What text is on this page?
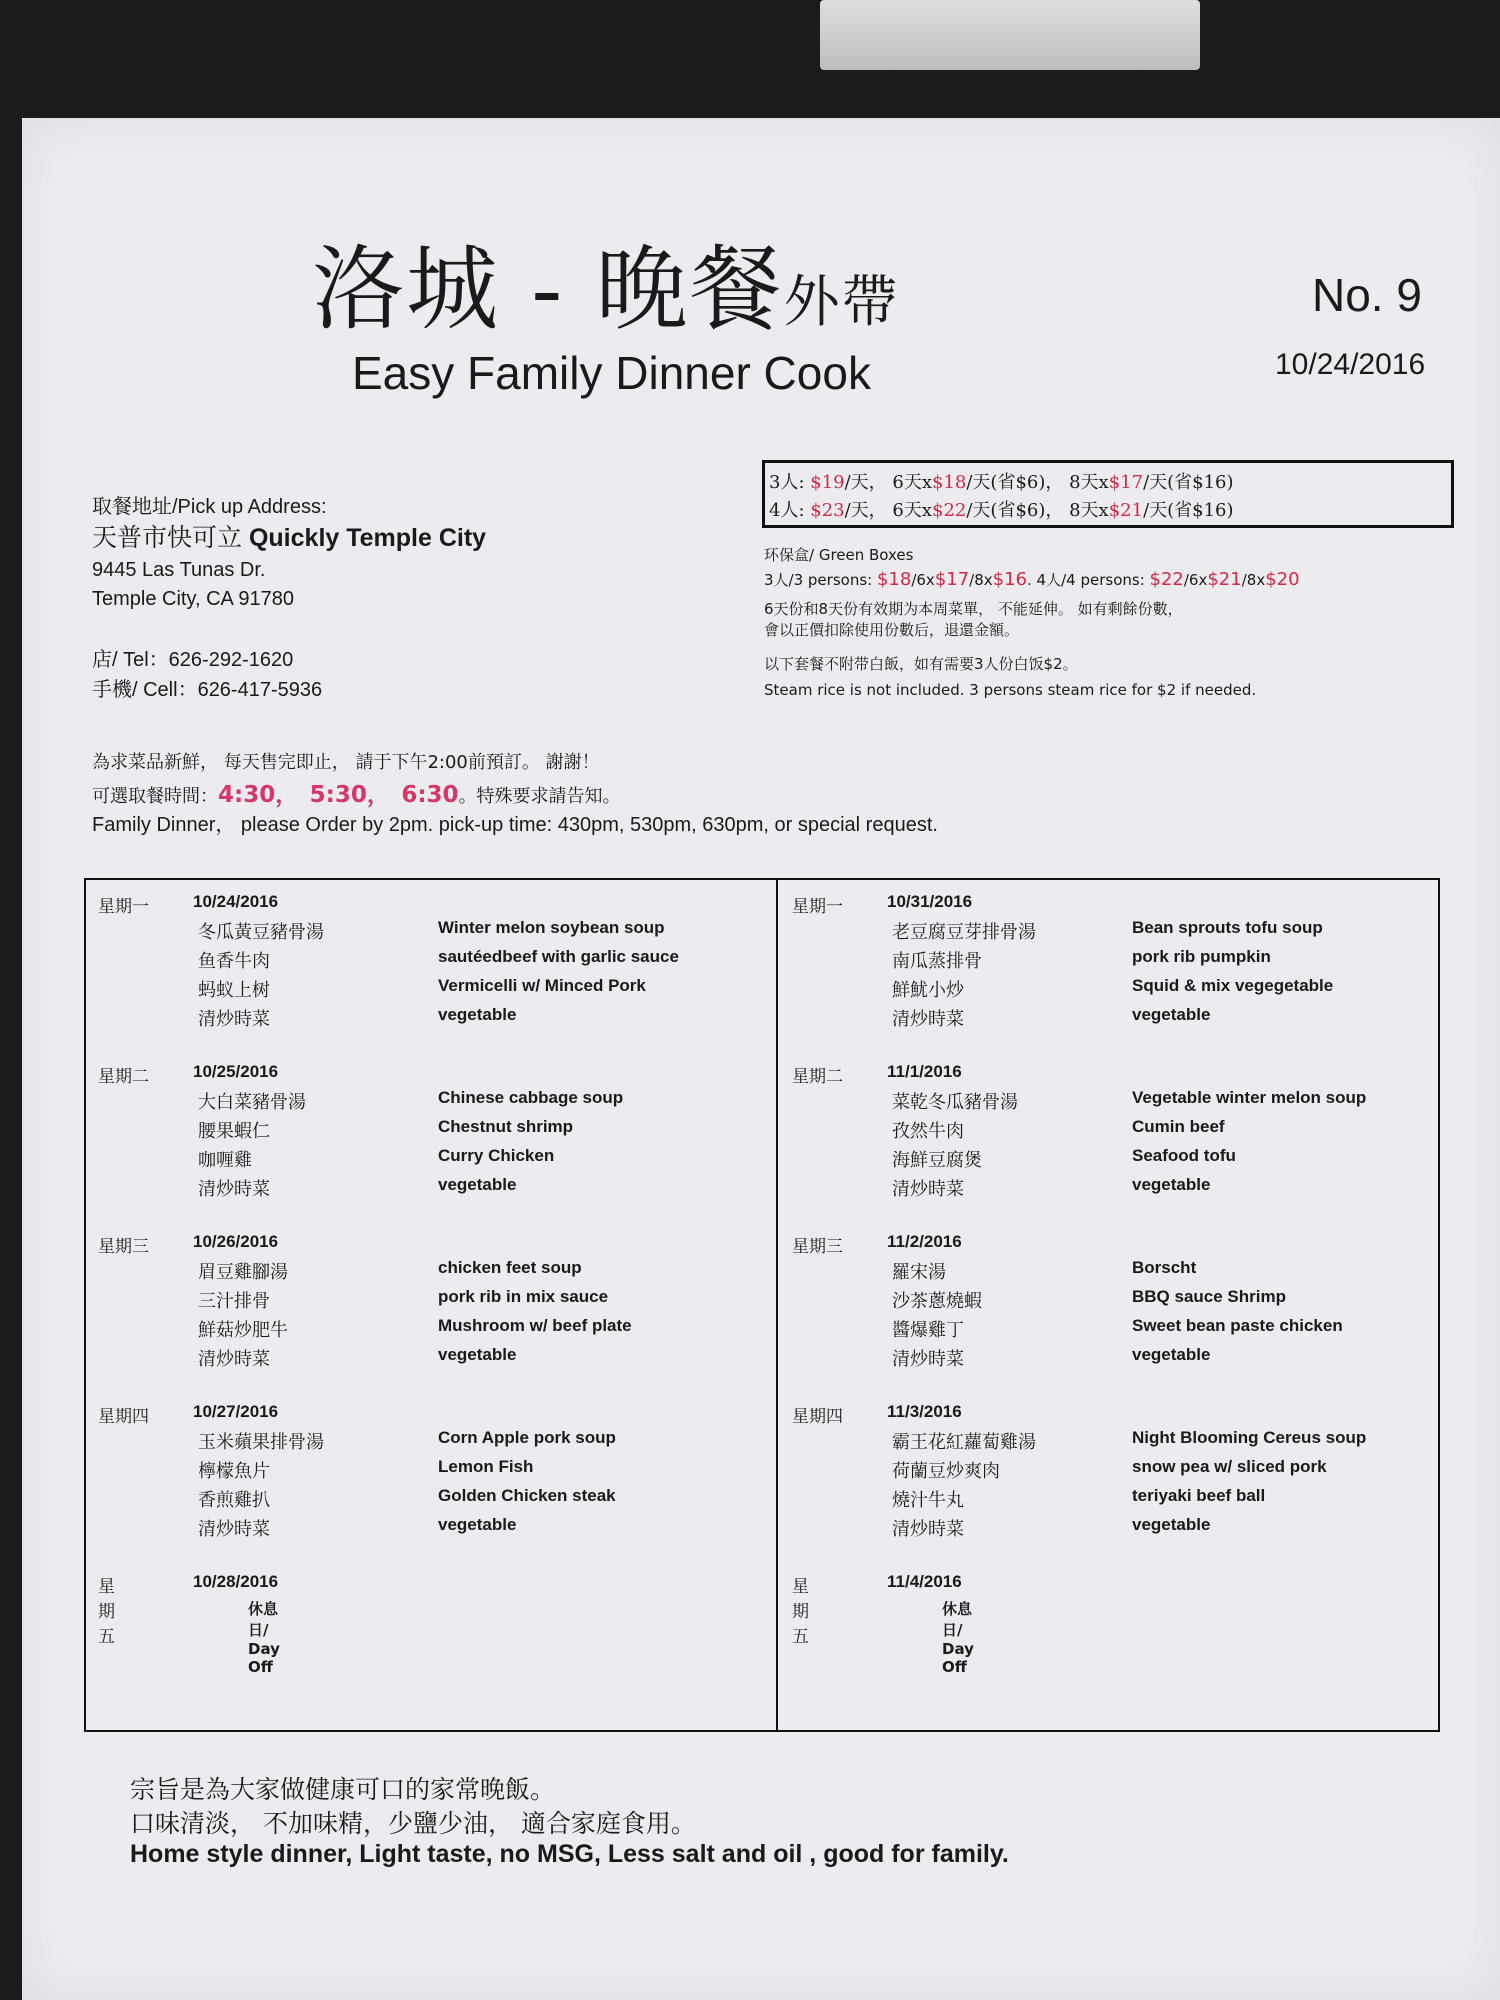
洛城 - 晚餐外帶
Easy Family Dinner Cook
No. 9
10/24/2016
取餐地址/Pick up Address:
天普市快可立 Quickly Temple City
9445 Las Tunas Dr.
Temple City, CA 91780
店/ Tel：626-292-1620
手機/ Cell：626-417-5936
3人: $19/天， 6天x$18/天(省$6)， 8天x$17/天(省$16)
4人: $23/天， 6天x$22/天(省$6)， 8天x$21/天(省$16)
环保盒/ Green Boxes
3人/3 persons: $18/6x$17/8x$16. 4人/4 persons: $22/6x$21/8x$20
6天份和8天份有效期为本周菜單， 不能延伸。 如有剩餘份數，
會以正價扣除使用份數后，退還金額。
以下套餐不附带白飯，如有需要3人份白饭$2。
Steam rice is not included. 3 persons steam rice for $2 if needed.
為求菜品新鮮， 每天售完即止， 請于下午2:00前預訂。 謝謝！
可選取餐時間：4:30， 5:30， 6:30。特殊要求請告知。
Family Dinner， please Order by 2pm. pick-up time: 430pm, 530pm, 630pm, or special request.
星期一	10/24/2016
冬瓜黃豆豬骨湯	Winter melon soybean soup
鱼香牛肉	sautéedbeef with garlic sauce
蚂蚁上树	Vermicelli w/ Minced Pork
清炒時菜	vegetable
星期二	10/25/2016
大白菜豬骨湯	Chinese cabbage soup
腰果蝦仁	Chestnut shrimp
咖喱雞	Curry Chicken
清炒時菜	vegetable
星期三	10/26/2016
眉豆雞腳湯	chicken feet soup
三汁排骨	pork rib in mix sauce
鮮菇炒肥牛	Mushroom w/ beef plate
清炒時菜	vegetable
星期四	10/27/2016
玉米蘋果排骨湯	Corn Apple pork soup
檸檬魚片	Lemon Fish
香煎雞扒	Golden Chicken steak
清炒時菜	vegetable
星期五
10/28/2016
休息日/ Day Off
星期一	10/31/2016
老豆腐豆芽排骨湯	Bean sprouts tofu soup
南瓜蒸排骨	pork rib pumpkin
鮮魷小炒	Squid & mix vegegetable
清炒時菜	vegetable
星期二	11/1/2016
菜乾冬瓜豬骨湯	Vegetable winter melon soup
孜然牛肉	Cumin beef
海鮮豆腐煲	Seafood tofu
清炒時菜	vegetable
星期三	11/2/2016
羅宋湯	Borscht
沙茶蔥燒蝦	BBQ sauce Shrimp
醬爆雞丁	Sweet bean paste chicken
清炒時菜	vegetable
星期四	11/3/2016
霸王花紅蘿蔔雞湯	Night Blooming Cereus soup
荷蘭豆炒爽肉	snow pea w/ sliced pork
燒汁牛丸	teriyaki beef ball
清炒時菜	vegetable
星期五
11/4/2016
休息日/ Day Off
宗旨是為大家做健康可口的家常晚飯。
口味清淡， 不加味精，少鹽少油， 適合家庭食用。
Home style dinner, Light taste, no MSG, Less salt and oil , good for family.
